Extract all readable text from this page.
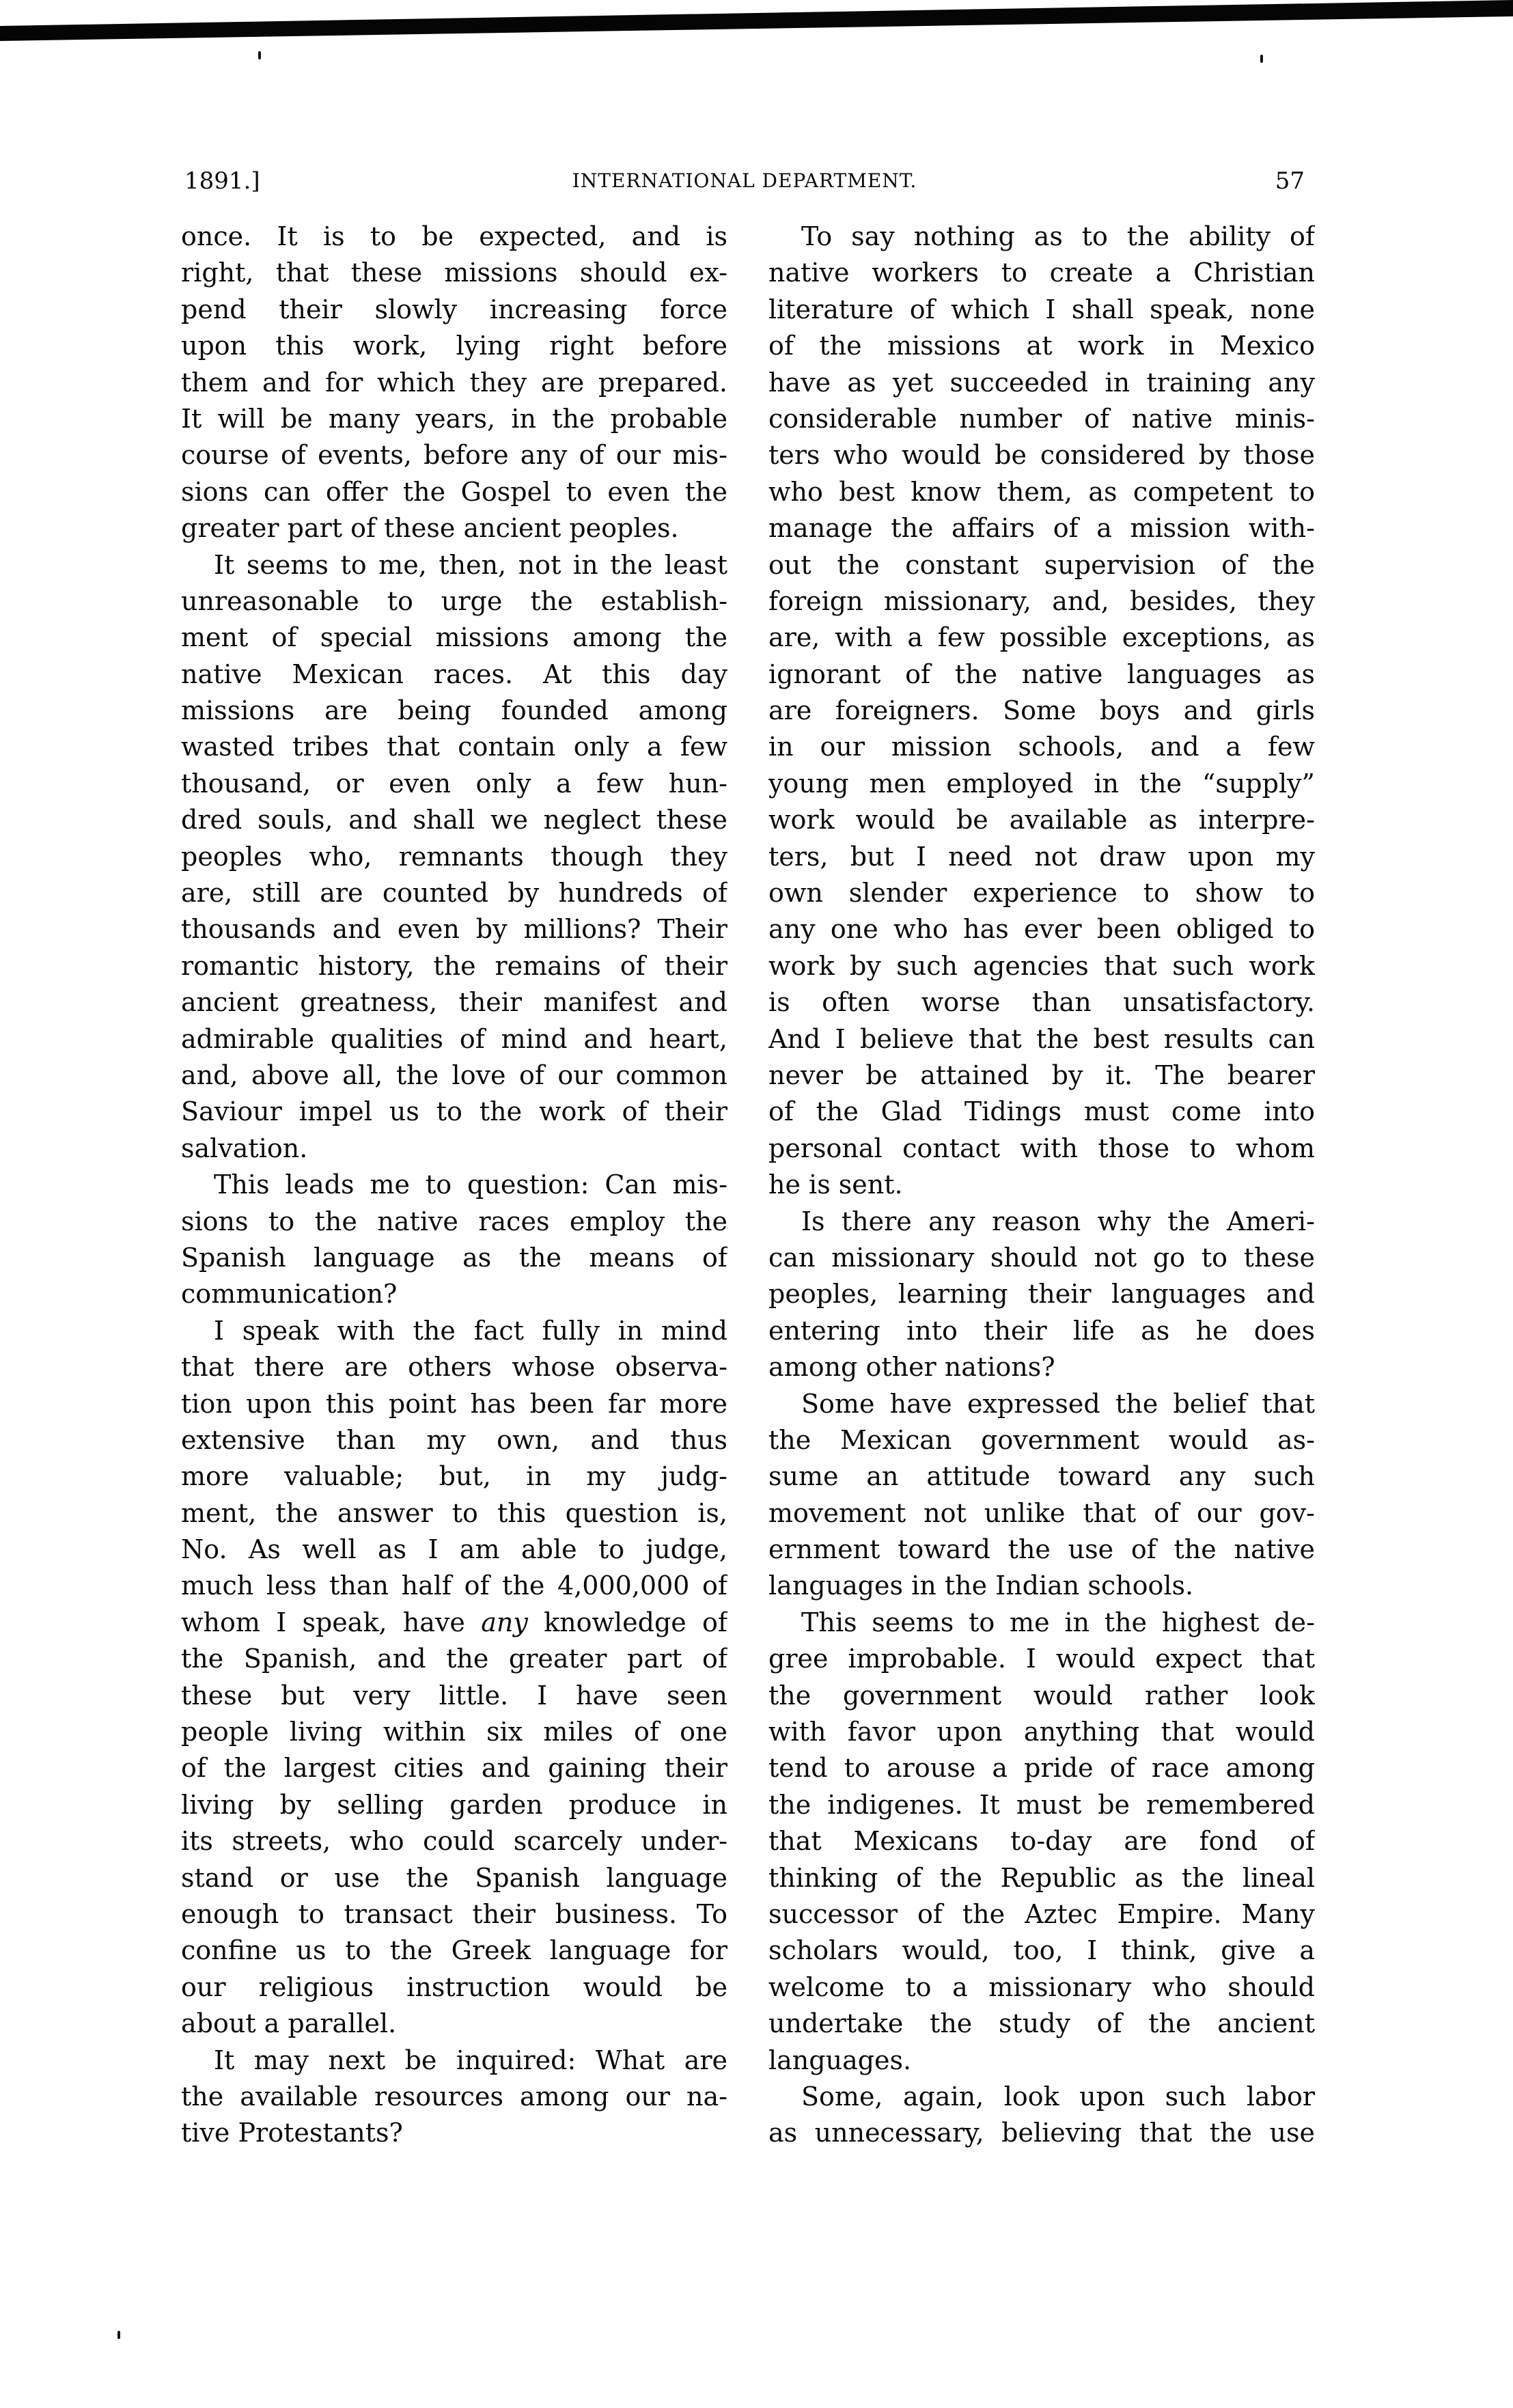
1891.]	INTERNATIONAL DEPARTMENT.	57
once. It is to be expected, and is
right, that these missions should ex-
pend their slowly increasing force
upon this work, lying right before
them and for which they are prepared.
It will be many years, in the probable
course of events, before any of our mis-
sions can offer the Gospel to even the
greater part of these ancient peoples.
It seems to me, then, not in the least
unreasonable to urge the establish-
ment of special missions among the
native Mexican races. At this day
missions are being founded among
wasted tribes that contain only a few
thousand, or even only a few hun-
dred souls, and shall we neglect these
peoples who, remnants though they
are, still are counted by hundreds of
thousands and even by millions? Their
romantic history, the remains of their
ancient greatness, their manifest and
admirable qualities of mind and heart,
and, above all, the love of our common
Saviour impel us to the work of their
salvation.
This leads me to question: Can mis-
sions to the native races employ the
Spanish language as the means of
communication?
I speak with the fact fully in mind
that there are others whose observa-
tion upon this point has been far more
extensive than my own, and thus
more valuable; but, in my judg-
ment, the answer to this question is,
No. As well as I am able to judge,
much less than half of the 4,000,000 of
whom I speak, have any knowledge of
the Spanish, and the greater part of
these but very little. I have seen
people living within six miles of one
of the largest cities and gaining their
living by selling garden produce in
its streets, who could scarcely under-
stand or use the Spanish language
enough to transact their business. To
confine us to the Greek language for
our religious instruction would be
about a parallel.
It may next be inquired: What are
the available resources among our na-
tive Protestants?
To say nothing as to the ability of
native workers to create a Christian
literature of which I shall speak, none
of the missions at work in Mexico
have as yet succeeded in training any
considerable number of native minis-
ters who would be considered by those
who best know them, as competent to
manage the affairs of a mission with-
out the constant supervision of the
foreign missionary, and, besides, they
are, with a few possible exceptions, as
ignorant of the native languages as
are foreigners. Some boys and girls
in our mission schools, and a few
young men employed in the “supply”
work would be available as interpre-
ters, but I need not draw upon my
own slender experience to show to
any one who has ever been obliged to
work by such agencies that such work
is often worse than unsatisfactory.
And I believe that the best results can
never be attained by it. The bearer
of the Glad Tidings must come into
personal contact with those to whom
he is sent.
Is there any reason why the Ameri-
can missionary should not go to these
peoples, learning their languages and
entering into their life as he does
among other nations?
Some have expressed the belief that
the Mexican government would as-
sume an attitude toward any such
movement not unlike that of our gov-
ernment toward the use of the native
languages in the Indian schools.
This seems to me in the highest de-
gree improbable. I would expect that
the government would rather look
with favor upon anything that would
tend to arouse a pride of race among
the indigenes. It must be remembered
that Mexicans to-day are fond of
thinking of the Republic as the lineal
successor of the Aztec Empire. Many
scholars would, too, I think, give a
welcome to a missionary who should
undertake the study of the ancient
languages.
Some, again, look upon such labor
as unnecessary, believing that the use
